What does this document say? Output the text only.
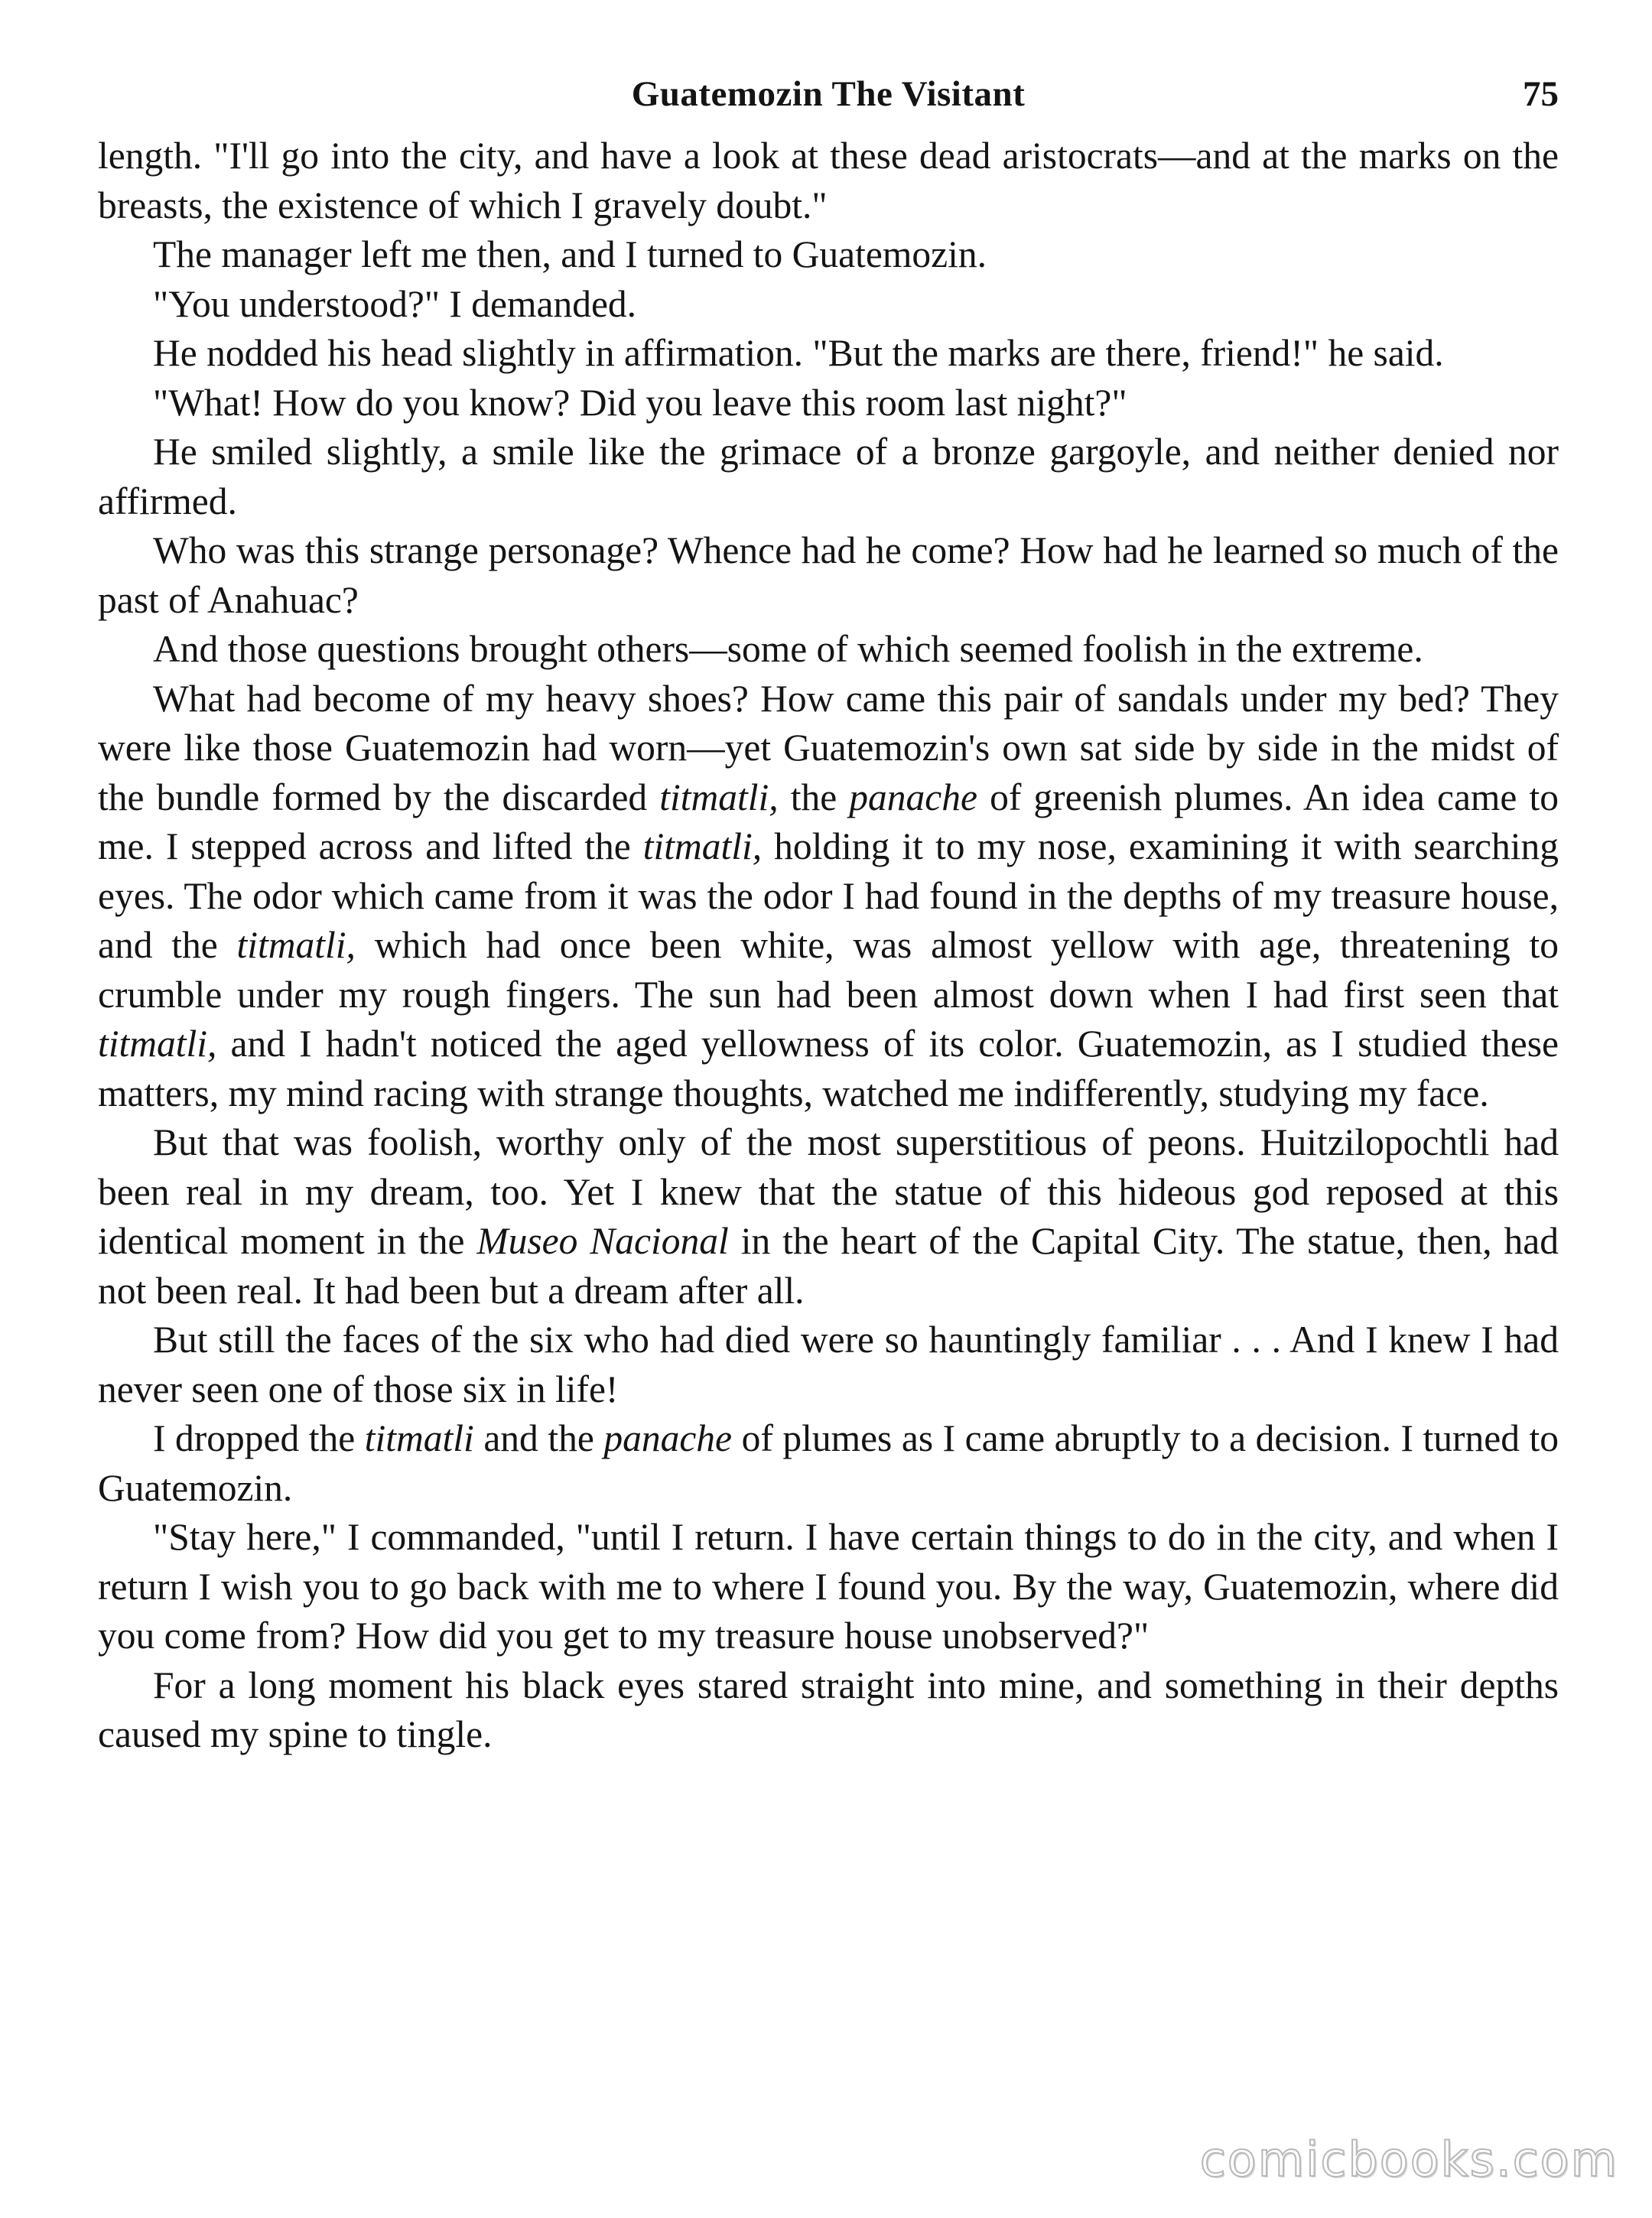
Guatemozin The Visitant	75

length. "I'll go into the city, and have a look at these dead aristocrats—and at the marks on the breasts, the existence of which I gravely doubt."

The manager left me then, and I turned to Guatemozin.

"You understood?" I demanded.

He nodded his head slightly in affirmation. "But the marks are there, friend!" he said.

"What! How do you know? Did you leave this room last night?"

He smiled slightly, a smile like the grimace of a bronze gargoyle, and neither denied nor affirmed.

Who was this strange personage? Whence had he come? How had he learned so much of the past of Anahuac?

And those questions brought others—some of which seemed foolish in the extreme.

What had become of my heavy shoes? How came this pair of sandals under my bed? They were like those Guatemozin had worn—yet Guatemozin's own sat side by side in the midst of the bundle formed by the discarded titmatli, the panache of greenish plumes. An idea came to me. I stepped across and lifted the titmatli, holding it to my nose, examining it with searching eyes. The odor which came from it was the odor I had found in the depths of my treasure house, and the titmatli, which had once been white, was almost yellow with age, threatening to crumble under my rough fingers. The sun had been almost down when I had first seen that titmatli, and I hadn't noticed the aged yellowness of its color. Guatemozin, as I studied these matters, my mind racing with strange thoughts, watched me indifferently, studying my face.

But that was foolish, worthy only of the most superstitious of peons. Huitzilopochtli had been real in my dream, too. Yet I knew that the statue of this hideous god reposed at this identical moment in the Museo Nacional in the heart of the Capital City. The statue, then, had not been real. It had been but a dream after all.

But still the faces of the six who had died were so hauntingly familiar . . . And I knew I had never seen one of those six in life!

I dropped the titmatli and the panache of plumes as I came abruptly to a decision. I turned to Guatemozin.

"Stay here," I commanded, "until I return. I have certain things to do in the city, and when I return I wish you to go back with me to where I found you. By the way, Guatemozin, where did you come from? How did you get to my treasure house unobserved?"

For a long moment his black eyes stared straight into mine, and something in their depths caused my spine to tingle.

comicbooks.com
